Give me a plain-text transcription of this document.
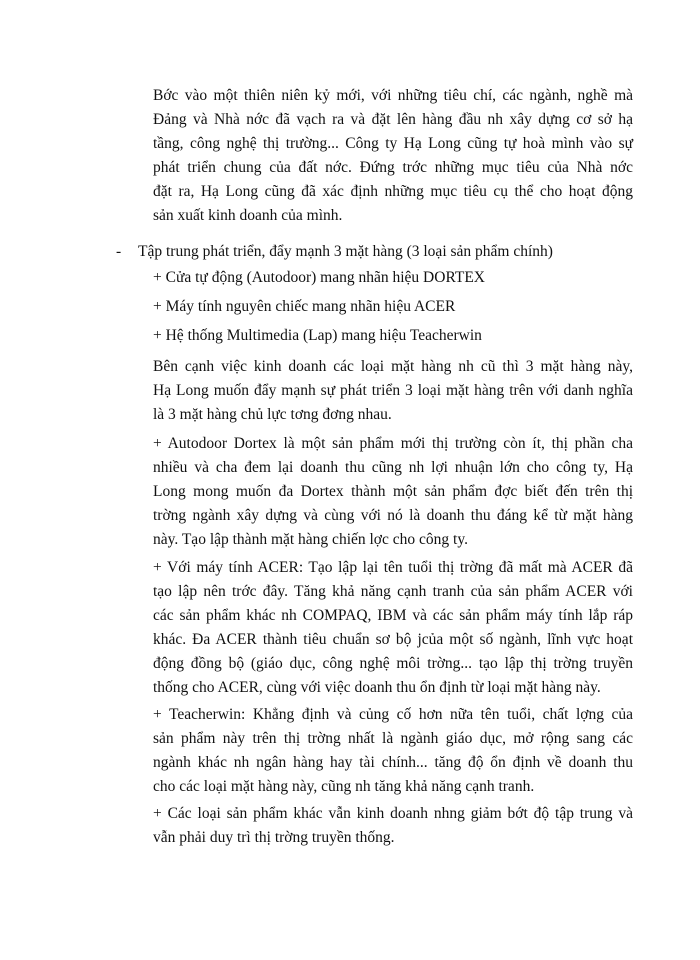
Bớc vào một thiên niên kỷ mới, với những tiêu chí, các ngành, nghề mà
Đảng và Nhà nớc đã vạch ra và đặt lên hàng đầu nh xây dựng cơ sở hạ
tầng, công nghệ thị trường... Công ty Hạ Long cũng tự hoà mình vào sự
phát triển chung của đất nớc. Đứng trớc những mục tiêu của Nhà nớc
đặt ra, Hạ Long cũng đã xác định những mục tiêu cụ thể cho hoạt động
sản xuất kinh doanh của mình.
- Tập trung phát triển, đẩy mạnh 3 mặt hàng (3 loại sản phẩm chính)
+ Cửa tự động (Autodoor) mang nhãn hiệu DORTEX
+ Máy tính nguyên chiếc mang nhãn hiệu ACER
+ Hệ thống Multimedia (Lap) mang hiệu Teacherwin
Bên cạnh việc kinh doanh các loại mặt hàng nh cũ thì 3 mặt hàng này,
Hạ Long muốn đẩy mạnh sự phát triển 3 loại mặt hàng trên với danh nghĩa
là 3 mặt hàng chủ lực tơng đơng nhau.
+ Autodoor Dortex là một sản phẩm mới thị trường còn ít, thị phần cha
nhiều và cha đem lại doanh thu cũng nh lợi nhuận lớn cho công ty, Hạ
Long mong muốn đa Dortex thành một sản phẩm đợc biết đến trên thị
trờng ngành xây dựng và cùng với nó là doanh thu đáng kể từ mặt hàng
này. Tạo lập thành mặt hàng chiến lợc cho công ty.
+ Với máy tính ACER: Tạo lập lại tên tuổi thị trờng đã mất mà ACER đã
tạo lập nên trớc đây. Tăng khả năng cạnh tranh của sản phẩm ACER với
các sản phẩm khác nh COMPAQ, IBM và các sản phẩm máy tính lắp ráp
khác. Đa ACER thành tiêu chuẩn sơ bộ jcủa một số ngành, lĩnh vực hoạt
động đồng bộ (giáo dục, công nghệ môi trờng... tạo lập thị trờng truyền
thống cho ACER, cùng với việc doanh thu ổn định từ loại mặt hàng này.
+ Teacherwin: Khẳng định và củng cố hơn nữa tên tuổi, chất lợng của
sản phẩm này trên thị trờng nhất là ngành giáo dục, mở rộng sang các
ngành khác nh ngân hàng hay tài chính... tăng độ ổn định về doanh thu
cho các loại mặt hàng này, cũng nh tăng khả năng cạnh tranh.
+ Các loại sản phẩm khác vẫn kinh doanh nhng giảm bớt độ tập trung và
vẫn phải duy trì thị trờng truyền thống.
